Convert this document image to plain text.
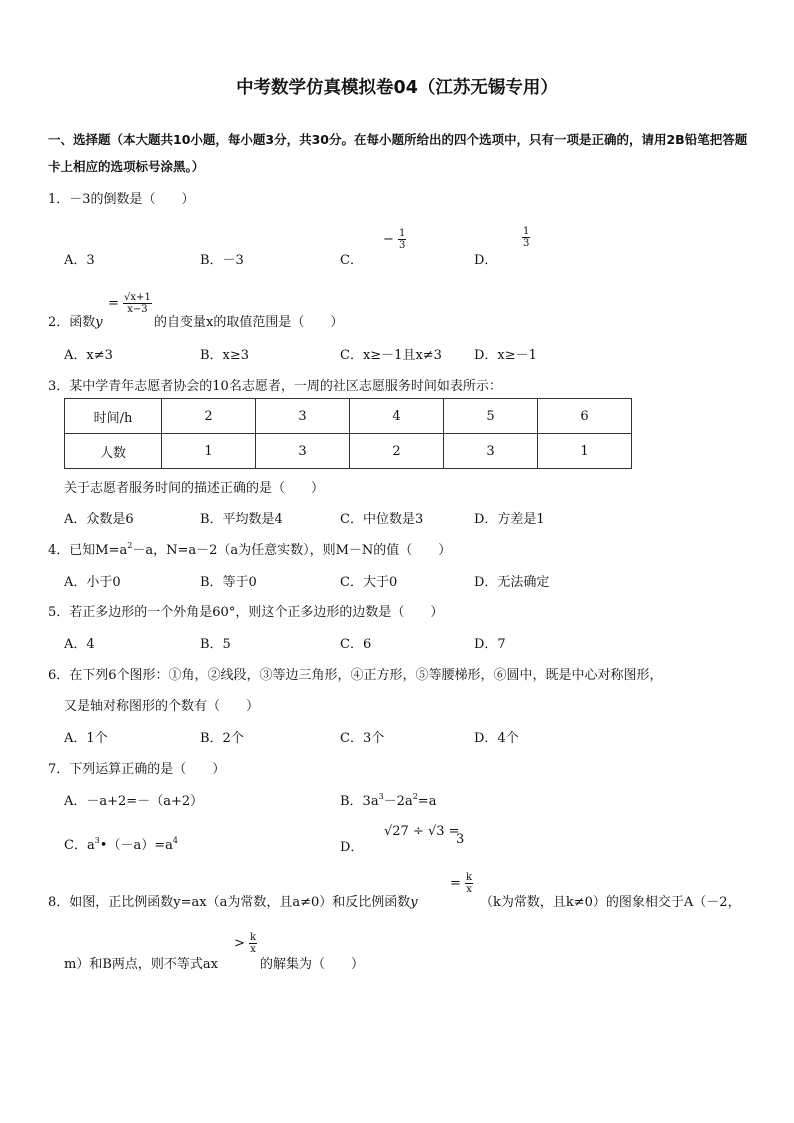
中考数学仿真模拟卷04（江苏无锡专用）
一、选择题（本大题共10小题，每小题3分，共30分。在每小题所给出的四个选项中，只有一项是正确的，请用2B铅笔把答题卡上相应的选项标号涂黑。）
1．－3的倒数是（　　）
A．3	B．－3	C．
− $\frac{1}{3}$
D．
$\frac{1}{3}$
2．函数y
= $\frac{√x+1}{x-3}$
的自变量x的取值范围是（　　）
A．x≠3	B．x≥3	C．x≥－1且x≠3 D．x≥－1
3．某中学青年志愿者协会的10名志愿者，一周的社区志愿服务时间如表所示：
时间/h	2	3	4	5	6
人数	1	3	2	3	1
关于志愿者服务时间的描述正确的是（　　）
A．众数是6	B．平均数是4	C．中位数是3	D．方差是1
4．已知$M=a^2-a$，N=a－2（a为任意实数），则M－N的值（　　）
A．小于0	B．等于0	C．大于0	D．无法确定
5．若正多边形的一个外角是60°，则这个正多边形的边数是（　　）
A．4	B．5	C．6	D．7
6．在下列6个图形：①角，②线段，③等边三角形，④正方形，⑤等腰梯形，⑥圆中，既是中心对称图形，
又是轴对称图形的个数有（　　）
A．1个	B．2个	C．3个	D．4个
7．下列运算正确的是（　　）
A．－a+2=－（a+2）	B．$3a^3-2a^2=a$
C．$a^3•(-a)=a^4$	D．
√27 ÷ √3 =
3
8．如图，正比例函数y=ax（a为常数，且a≠0）和反比例函数y
= $\frac{k}{x}$
（k为常数，且k≠0）的图象相交于A（－2，
m）和B两点，则不等式ax
> $\frac{k}{x}$
的解集为（　　）
